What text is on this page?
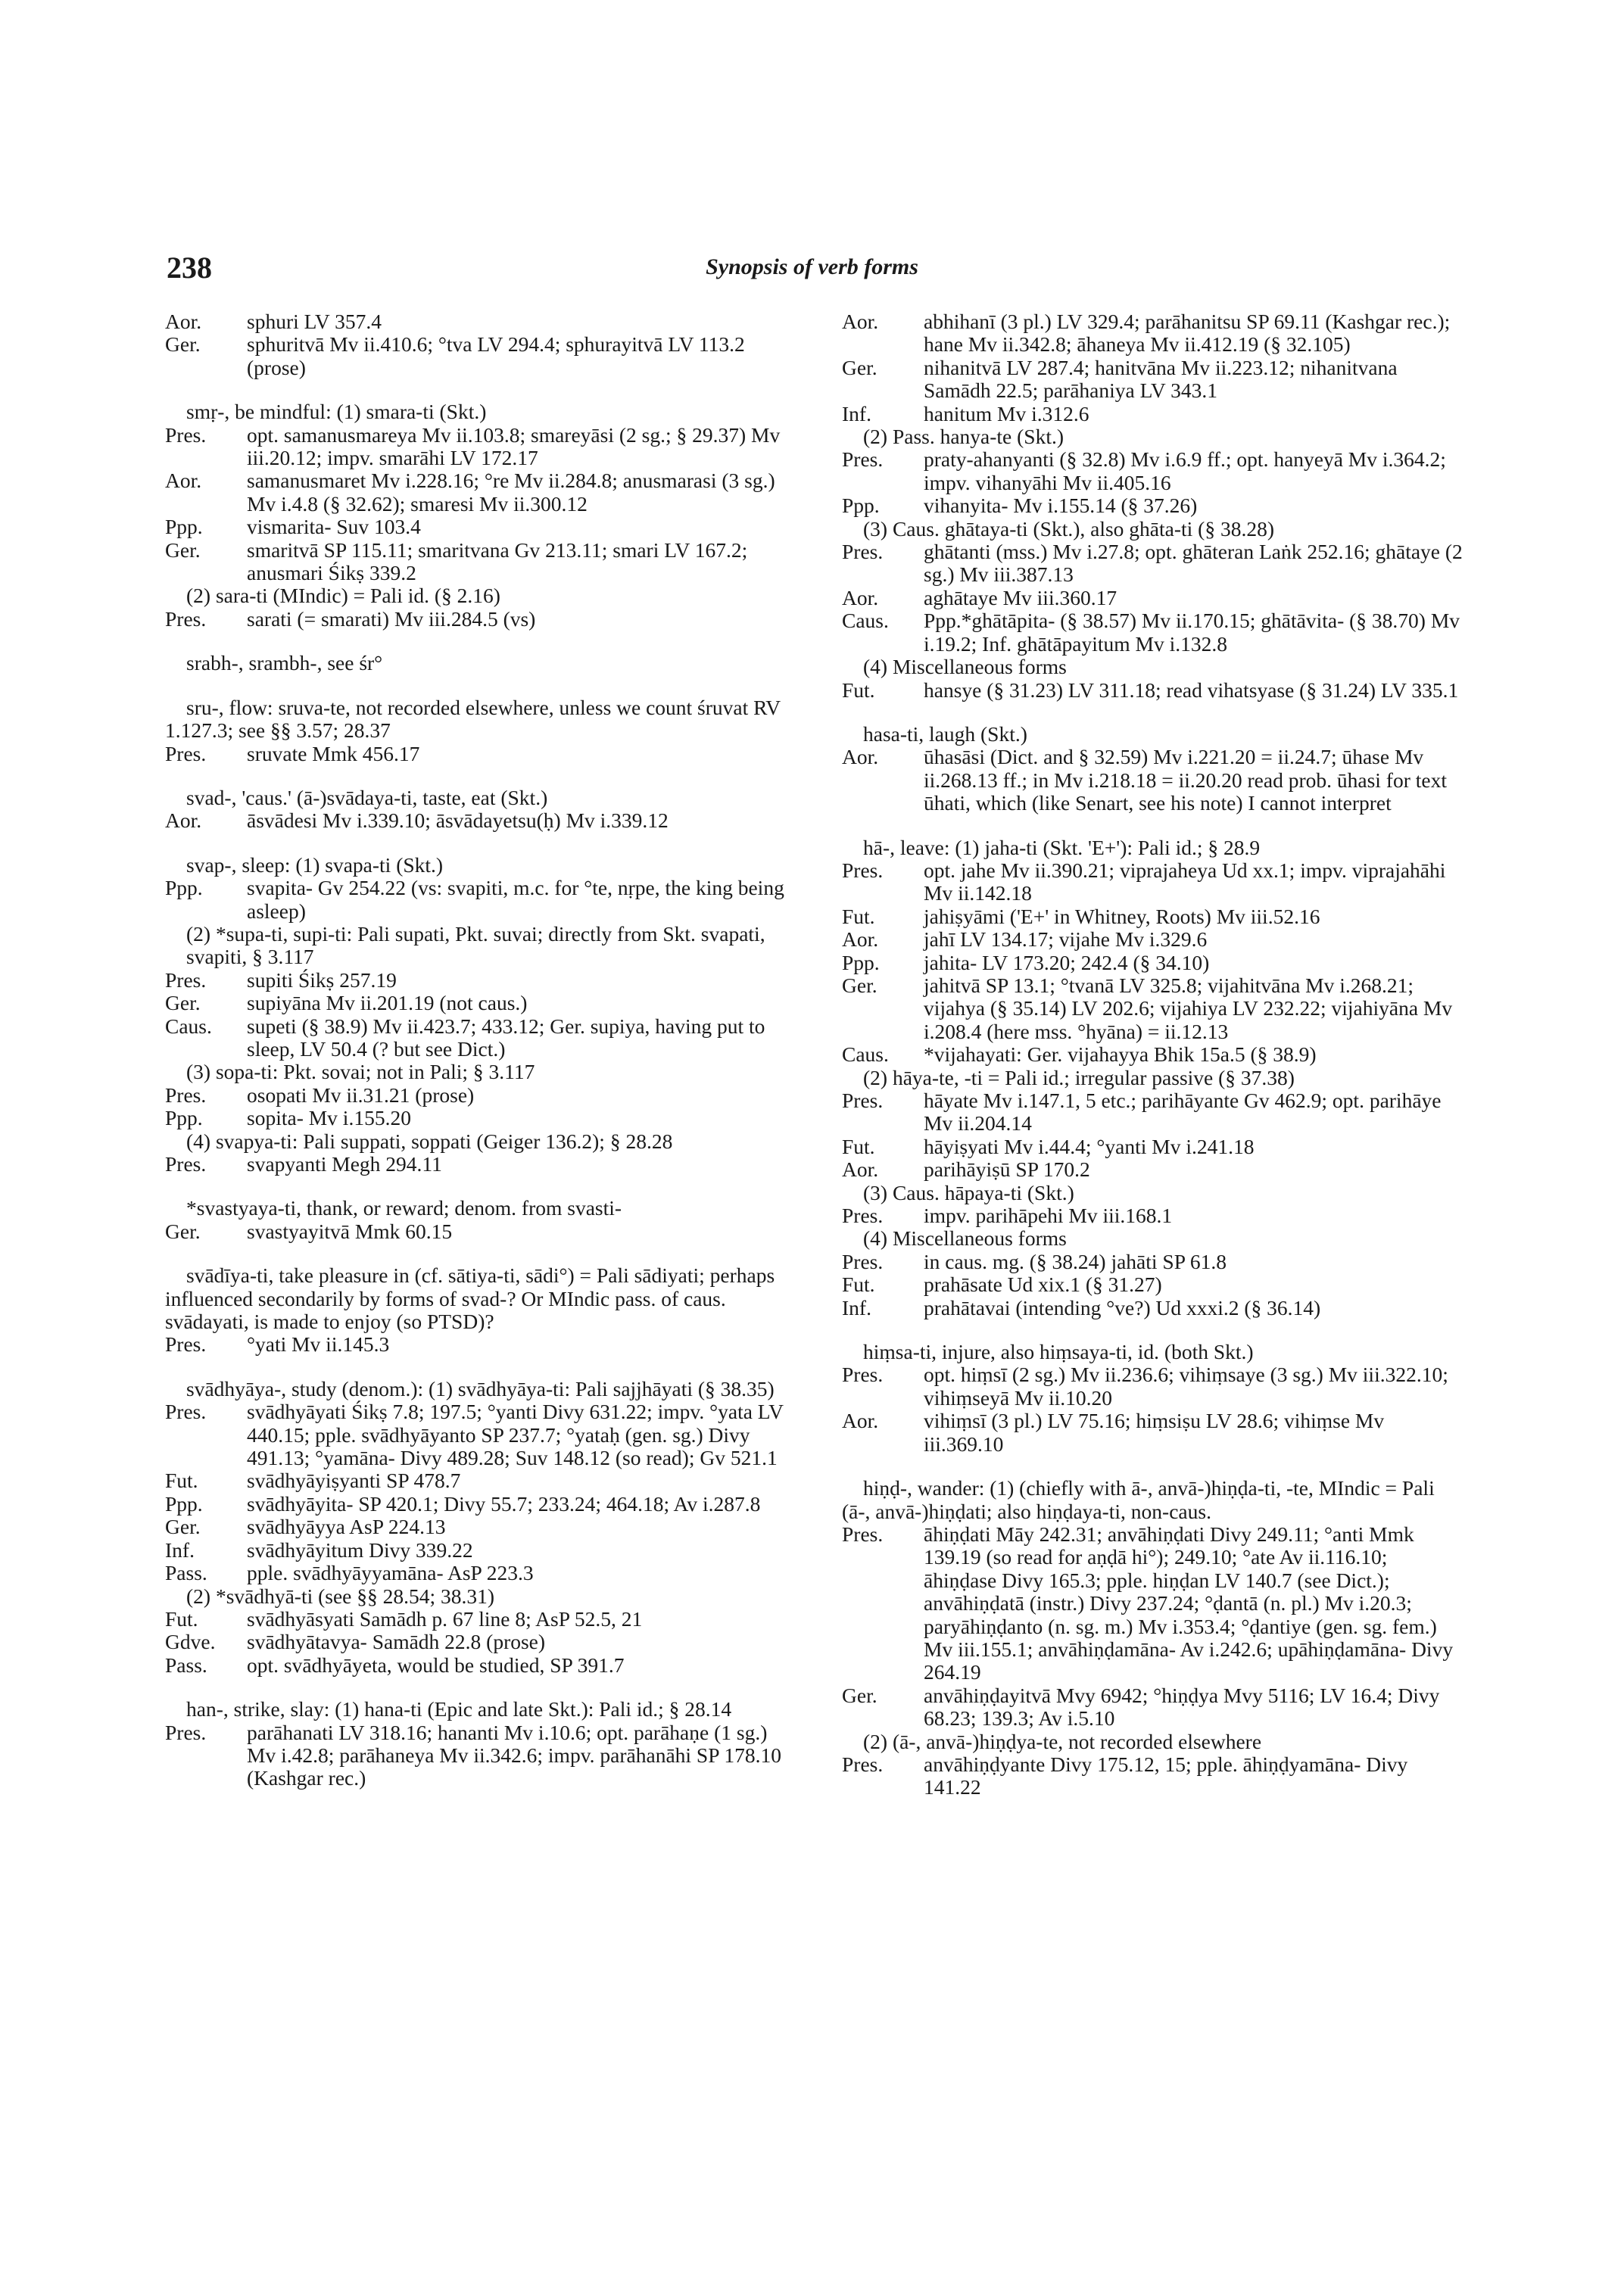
238	Synopsis of verb forms
Aor.	sphuri LV 357.4
Ger.	sphuritvā Mv ii.410.6; °tva LV 294.4; sphurayitvā LV 113.2 (prose)

smṛ-, be mindful: (1) smara-ti (Skt.)

Pres.	opt. samanusmareya Mv ii.103.8; smareyāsi (2 sg.; § 29.37) Mv iii.20.12; impv. smarāhi LV 172.17
Aor.	samanusmaret Mv i.228.16; °re Mv ii.284.8; anusmarasi (3 sg.) Mv i.4.8 (§ 32.62); smaresi Mv ii.300.12
Ppp.	vismarita- Suv 103.4
Ger.	smaritvā SP 115.11; smaritvana Gv 213.11; smari LV 167.2; anusmari Śikṣ 339.2

(2) sara-ti (MIndic) = Pali id. (§ 2.16)

Pres.	sarati (= smarati) Mv iii.284.5 (vs)

srabh-, srambh-, see śr°

sru-, flow: sruva-te, not recorded elsewhere, unless we count śruvat RV 1.127.3; see §§ 3.57; 28.37

Pres.	sruvate Mmk 456.17

svad-, 'caus.' (ā-)svādaya-ti, taste, eat (Skt.)

Aor.	āsvādesi Mv i.339.10; āsvādayetsu(ḥ) Mv i.339.12

svap-, sleep: (1) svapa-ti (Skt.)

Ppp.	svapita- Gv 254.22 (vs: svapiti, m.c. for °te, nṛpe, the king being asleep)

(2) *supa-ti, supi-ti: Pali supati, Pkt. suvai; directly from Skt. svapati, svapiti, § 3.117

Pres.	supiti Śikṣ 257.19
Ger.	supiyāna Mv ii.201.19 (not caus.)
Caus.	supeti (§ 38.9) Mv ii.423.7; 433.12; Ger. supiya, having put to sleep, LV 50.4 (? but see Dict.)

(3) sopa-ti: Pkt. sovai; not in Pali; § 3.117

Pres.	osopati Mv ii.31.21 (prose)
Ppp.	sopita- Mv i.155.20

(4) svapya-ti: Pali suppati, soppati (Geiger 136.2); § 28.28

Pres.	svapyanti Megh 294.11

*svastyaya-ti, thank, or reward; denom. from svasti-

Ger.	svastyayitvā Mmk 60.15

svādīya-ti, take pleasure in (cf. sātiya-ti, sādi°) = Pali sādiyati; perhaps influenced secondarily by forms of svad-? Or MIndic pass. of caus. svādayati, is made to enjoy (so PTSD)?

Pres.	°yati Mv ii.145.3

svādhyāya-, study (denom.): (1) svādhyāya-ti: Pali sajjhāyati (§ 38.35)

Pres.	svādhyāyati Śikṣ 7.8; 197.5; °yanti Divy 631.22; impv. °yata LV 440.15; pple. svādhyāyanto SP 237.7; °yataḥ (gen. sg.) Divy 491.13; °yamāna- Divy 489.28; Suv 148.12 (so read); Gv 521.1
Fut.	svādhyāyiṣyanti SP 478.7
Ppp.	svādhyāyita- SP 420.1; Divy 55.7; 233.24; 464.18; Av i.287.8
Ger.	svādhyāyya AsP 224.13
Inf.	svādhyāyitum Divy 339.22
Pass.	pple. svādhyāyyamāna- AsP 223.3

(2) *svādhyā-ti (see §§ 28.54; 38.31)

Fut.	svādhyāsyati Samādh p. 67 line 8; AsP 52.5, 21
Gdve.	svādhyātavya- Samādh 22.8 (prose)
Pass.	opt. svādhyāyeta, would be studied, SP 391.7

han-, strike, slay: (1) hana-ti (Epic and late Skt.): Pali id.; § 28.14

Pres.	parāhanati LV 318.16; hananti Mv i.10.6; opt. parāhaṇe (1 sg.) Mv i.42.8; parāhaneya Mv ii.342.6; impv. parāhanāhi SP 178.10 (Kashgar rec.)
Aor.	abhihanī (3 pl.) LV 329.4; parāhanitsu SP 69.11 (Kashgar rec.); hane Mv ii.342.8; āhaneya Mv ii.412.19 (§ 32.105)
Ger.	nihanitvā LV 287.4; hanitvāna Mv ii.223.12; nihanitvana Samādh 22.5; parāhaniya LV 343.1
Inf.	hanitum Mv i.312.6

(2) Pass. hanya-te (Skt.)

Pres.	praty-ahanyanti (§ 32.8) Mv i.6.9 ff.; opt. hanyeyā Mv i.364.2; impv. vihanyāhi Mv ii.405.16
Ppp.	vihanyita- Mv i.155.14 (§ 37.26)

(3) Caus. ghātaya-ti (Skt.), also ghāta-ti (§ 38.28)

Pres.	ghātanti (mss.) Mv i.27.8; opt. ghāteran Laṅk 252.16; ghātaye (2 sg.) Mv iii.387.13
Aor.	aghātaye Mv iii.360.17
Caus.	Ppp.*ghātāpita- (§ 38.57) Mv ii.170.15; ghātāvita- (§ 38.70) Mv i.19.2; Inf. ghātāpayitum Mv i.132.8

(4) Miscellaneous forms

Fut.	hansye (§ 31.23) LV 311.18; read vihatsyase (§ 31.24) LV 335.1

hasa-ti, laugh (Skt.)

Aor.	ūhasāsi (Dict. and § 32.59) Mv i.221.20 = ii.24.7; ūhase Mv ii.268.13 ff.; in Mv i.218.18 = ii.20.20 read prob. ūhasi for text ūhati, which (like Senart, see his note) I cannot interpret

hā-, leave: (1) jaha-ti (Skt. 'E+'): Pali id.; § 28.9

Pres.	opt. jahe Mv ii.390.21; viprajaheya Ud xx.1; impv. viprajahāhi Mv ii.142.18
Fut.	jahiṣyāmi ('E+' in Whitney, Roots) Mv iii.52.16
Aor.	jahī LV 134.17; vijahe Mv i.329.6
Ppp.	jahita- LV 173.20; 242.4 (§ 34.10)
Ger.	jahitvā SP 13.1; °tvanā LV 325.8; vijahitvāna Mv i.268.21; vijahya (§ 35.14) LV 202.6; vijahiya LV 232.22; vijahiyāna Mv i.208.4 (here mss. °hyāna) = ii.12.13
Caus.	*vijahayati: Ger. vijahayya Bhik 15a.5 (§ 38.9)

(2) hāya-te, -ti = Pali id.; irregular passive (§ 37.38)

Pres.	hāyate Mv i.147.1, 5 etc.; parihāyante Gv 462.9; opt. parihāye Mv ii.204.14
Fut.	hāyiṣyati Mv i.44.4; °yanti Mv i.241.18
Aor.	parihāyiṣū SP 170.2

(3) Caus. hāpaya-ti (Skt.)

Pres.	impv. parihāpehi Mv iii.168.1

(4) Miscellaneous forms

Pres.	in caus. mg. (§ 38.24) jahāti SP 61.8
Fut.	prahāsate Ud xix.1 (§ 31.27)
Inf.	prahātavai (intending °ve?) Ud xxxi.2 (§ 36.14)

hiṃsa-ti, injure, also hiṃsaya-ti, id. (both Skt.)

Pres.	opt. hiṃsī (2 sg.) Mv ii.236.6; vihiṃsaye (3 sg.) Mv iii.322.10; vihiṃseyā Mv ii.10.20
Aor.	vihiṃsī (3 pl.) LV 75.16; hiṃsiṣu LV 28.6; vihiṃse Mv iii.369.10

hiṇḍ-, wander: (1) (chiefly with ā-, anvā-)hiṇḍa-ti, -te, MIndic = Pali (ā-, anvā-)hiṇḍati; also hiṇḍaya-ti, non-caus.

Pres.	āhiṇḍati Māy 242.31; anvāhiṇḍati Divy 249.11; °anti Mmk 139.19 (so read for aṇḍā hi°); 249.10; °ate Av ii.116.10; āhiṇḍase Divy 165.3; pple. hiṇḍan LV 140.7 (see Dict.); anvāhiṇḍatā (instr.) Divy 237.24; °ḍantā (n. pl.) Mv i.20.3; paryāhiṇḍanto (n. sg. m.) Mv i.353.4; °ḍantiye (gen. sg. fem.) Mv iii.155.1; anvāhiṇḍamāna- Av i.242.6; upāhiṇḍamāna- Divy 264.19
Ger.	anvāhiṇḍayitvā Mvy 6942; °hiṇḍya Mvy 5116; LV 16.4; Divy 68.23; 139.3; Av i.5.10

(2) (ā-, anvā-)hiṇḍya-te, not recorded elsewhere

Pres.	anvāhiṇḍyante Divy 175.12, 15; pple. āhiṇḍyamāna- Divy 141.22
